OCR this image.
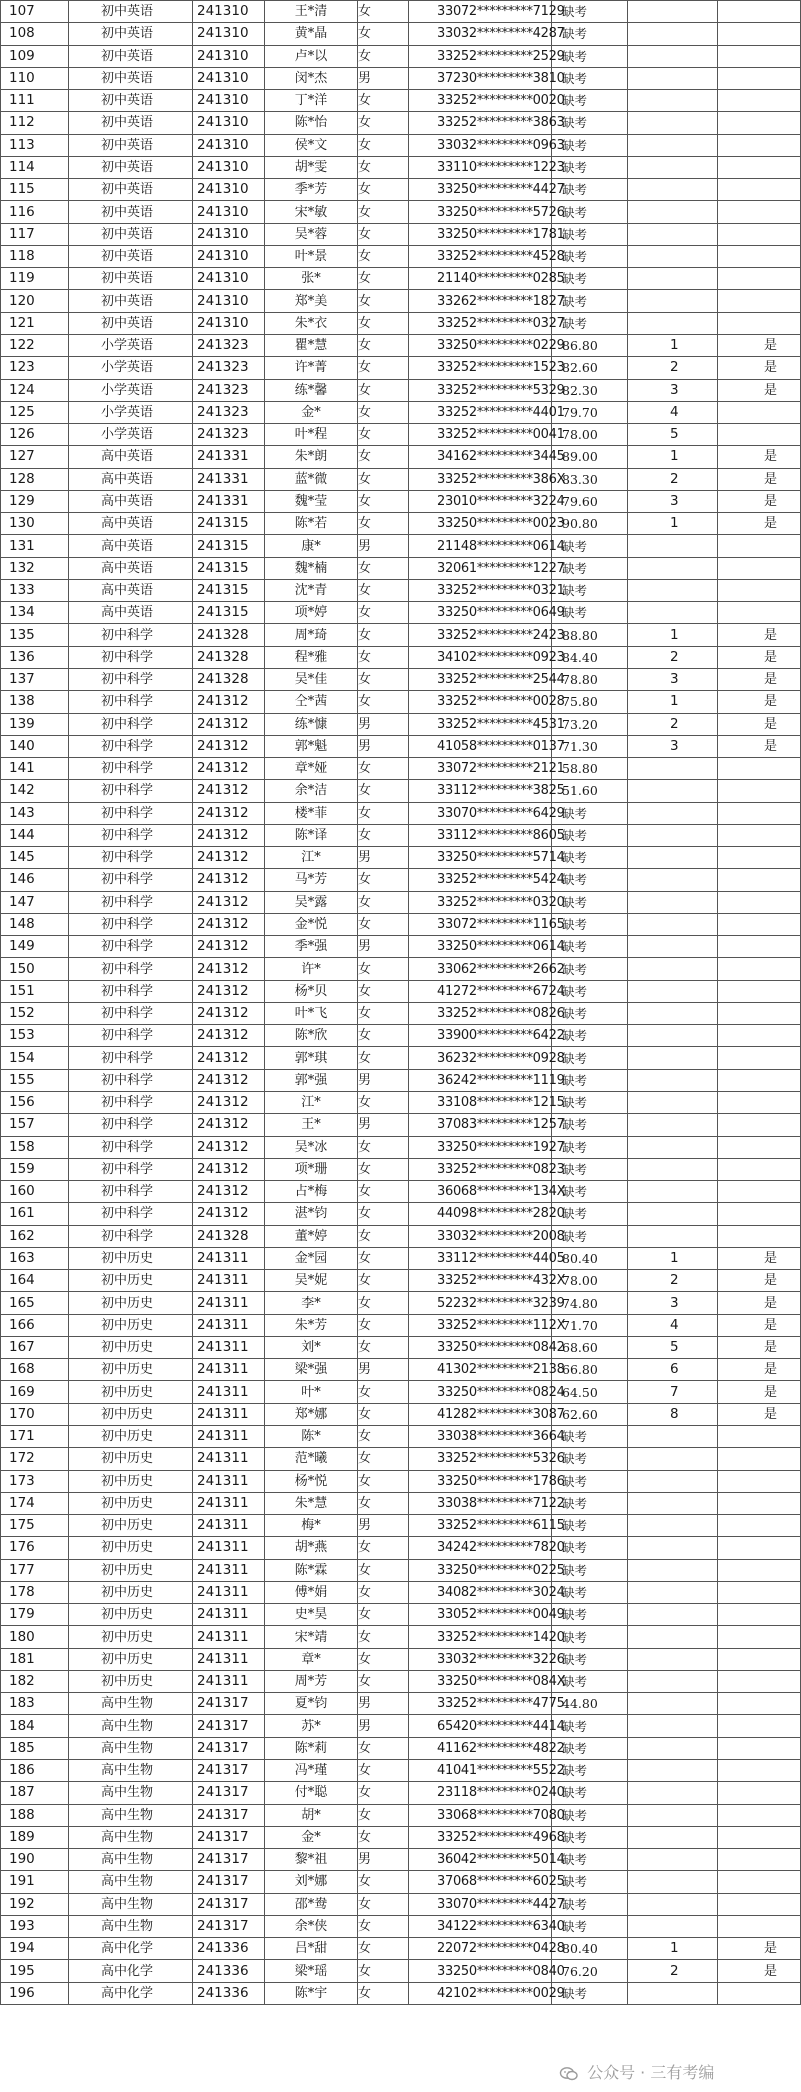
107	初中英语	241310	王*清	女	33072*********7129	缺考		
108	初中英语	241310	黄*晶	女	33032*********4287	缺考		
109	初中英语	241310	卢*以	女	33252*********2529	缺考		
110	初中英语	241310	闵*杰	男	37230*********3810	缺考		
111	初中英语	241310	丁*洋	女	33252*********0020	缺考		
112	初中英语	241310	陈*怡	女	33252*********3863	缺考		
113	初中英语	241310	侯*文	女	33032*********0963	缺考		
114	初中英语	241310	胡*雯	女	33110*********1223	缺考		
115	初中英语	241310	季*芳	女	33250*********4427	缺考		
116	初中英语	241310	宋*敏	女	33250*********5726	缺考		
117	初中英语	241310	吴*蓉	女	33250*********1781	缺考		
118	初中英语	241310	叶*景	女	33252*********4528	缺考		
119	初中英语	241310	张*	女	21140*********0285	缺考		
120	初中英语	241310	郑*美	女	33262*********1827	缺考		
121	初中英语	241310	朱*衣	女	33252*********0327	缺考		
122	小学英语	241323	瞿*慧	女	33250*********0229	86.80	1	是
123	小学英语	241323	许*菁	女	33252*********1523	82.60	2	是
124	小学英语	241323	练*馨	女	33252*********5329	82.30	3	是
125	小学英语	241323	金*	女	33252*********4401	79.70	4	
126	小学英语	241323	叶*程	女	33252*********0041	78.00	5	
127	高中英语	241331	朱*朗	女	34162*********3445	89.00	1	是
128	高中英语	241331	蓝*微	女	33252*********386X	83.30	2	是
129	高中英语	241331	魏*莹	女	23010*********3224	79.60	3	是
130	高中英语	241315	陈*若	女	33250*********0023	90.80	1	是
131	高中英语	241315	康*	男	21148*********0614	缺考		
132	高中英语	241315	魏*楠	女	32061*********1227	缺考		
133	高中英语	241315	沈*青	女	33252*********0321	缺考		
134	高中英语	241315	项*婷	女	33250*********0649	缺考		
135	初中科学	241328	周*琦	女	33252*********2423	88.80	1	是
136	初中科学	241328	程*雅	女	34102*********0923	84.40	2	是
137	初中科学	241328	吴*佳	女	33252*********2544	78.80	3	是
138	初中科学	241312	仝*茜	女	33252*********0028	75.80	1	是
139	初中科学	241312	练*慷	男	33252*********4531	73.20	2	是
140	初中科学	241312	郭*魁	男	41058*********0137	71.30	3	是
141	初中科学	241312	章*娅	女	33072*********2121	58.80		
142	初中科学	241312	余*洁	女	33112*********3825	51.60		
143	初中科学	241312	楼*菲	女	33070*********6429	缺考		
144	初中科学	241312	陈*译	女	33112*********8605	缺考		
145	初中科学	241312	江*	男	33250*********5714	缺考		
146	初中科学	241312	马*芳	女	33252*********5424	缺考		
147	初中科学	241312	吴*露	女	33252*********0320	缺考		
148	初中科学	241312	金*悦	女	33072*********1165	缺考		
149	初中科学	241312	季*强	男	33250*********0614	缺考		
150	初中科学	241312	许*	女	33062*********2662	缺考		
151	初中科学	241312	杨*贝	女	41272*********6724	缺考		
152	初中科学	241312	叶*飞	女	33252*********0826	缺考		
153	初中科学	241312	陈*欣	女	33900*********6422	缺考		
154	初中科学	241312	郭*琪	女	36232*********0928	缺考		
155	初中科学	241312	郭*强	男	36242*********1119	缺考		
156	初中科学	241312	江*	女	33108*********1215	缺考		
157	初中科学	241312	王*	男	37083*********1257	缺考		
158	初中科学	241312	吴*冰	女	33250*********1927	缺考		
159	初中科学	241312	项*珊	女	33252*********0823	缺考		
160	初中科学	241312	占*梅	女	36068*********134X	缺考		
161	初中科学	241312	湛*钧	女	44098*********2820	缺考		
162	初中科学	241328	董*婷	女	33032*********2008	缺考		
163	初中历史	241311	金*园	女	33112*********4405	80.40	1	是
164	初中历史	241311	吴*妮	女	33252*********432X	78.00	2	是
165	初中历史	241311	李*	女	52232*********3239	74.80	3	是
166	初中历史	241311	朱*芳	女	33252*********112X	71.70	4	是
167	初中历史	241311	刘*	女	33250*********0842	68.60	5	是
168	初中历史	241311	梁*强	男	41302*********2138	66.80	6	是
169	初中历史	241311	叶*	女	33250*********0824	64.50	7	是
170	初中历史	241311	郑*娜	女	41282*********3087	62.60	8	是
171	初中历史	241311	陈*	女	33038*********3664	缺考		
172	初中历史	241311	范*曦	女	33252*********5326	缺考		
173	初中历史	241311	杨*悦	女	33250*********1786	缺考		
174	初中历史	241311	朱*慧	女	33038*********7122	缺考		
175	初中历史	241311	梅*	男	33252*********6115	缺考		
176	初中历史	241311	胡*燕	女	34242*********7820	缺考		
177	初中历史	241311	陈*霖	女	33250*********0225	缺考		
178	初中历史	241311	傅*娟	女	34082*********3024	缺考		
179	初中历史	241311	史*昊	女	33052*********0049	缺考		
180	初中历史	241311	宋*靖	女	33252*********1420	缺考		
181	初中历史	241311	章*	女	33032*********3226	缺考		
182	初中历史	241311	周*芳	女	33250*********084X	缺考		
183	高中生物	241317	夏*钧	男	33252*********4775	44.80		
184	高中生物	241317	苏*	男	65420*********4414	缺考		
185	高中生物	241317	陈*莉	女	41162*********4822	缺考		
186	高中生物	241317	冯*瑾	女	41041*********5522	缺考		
187	高中生物	241317	付*聪	女	23118*********0240	缺考		
188	高中生物	241317	胡*	女	33068*********7080	缺考		
189	高中生物	241317	金*	女	33252*********4968	缺考		
190	高中生物	241317	黎*祖	男	36042*********5014	缺考		
191	高中生物	241317	刘*娜	女	37068*********6025	缺考		
192	高中生物	241317	邵*鸯	女	33070*********4427	缺考		
193	高中生物	241317	余*侠	女	34122*********6340	缺考		
194	高中化学	241336	吕*甜	女	22072*********0428	80.40	1	是
195	高中化学	241336	梁*瑶	女	33250*********0840	76.20	2	是
196	高中化学	241336	陈*宇	女	42102*********0029	缺考		
公众号 · 三有考编
